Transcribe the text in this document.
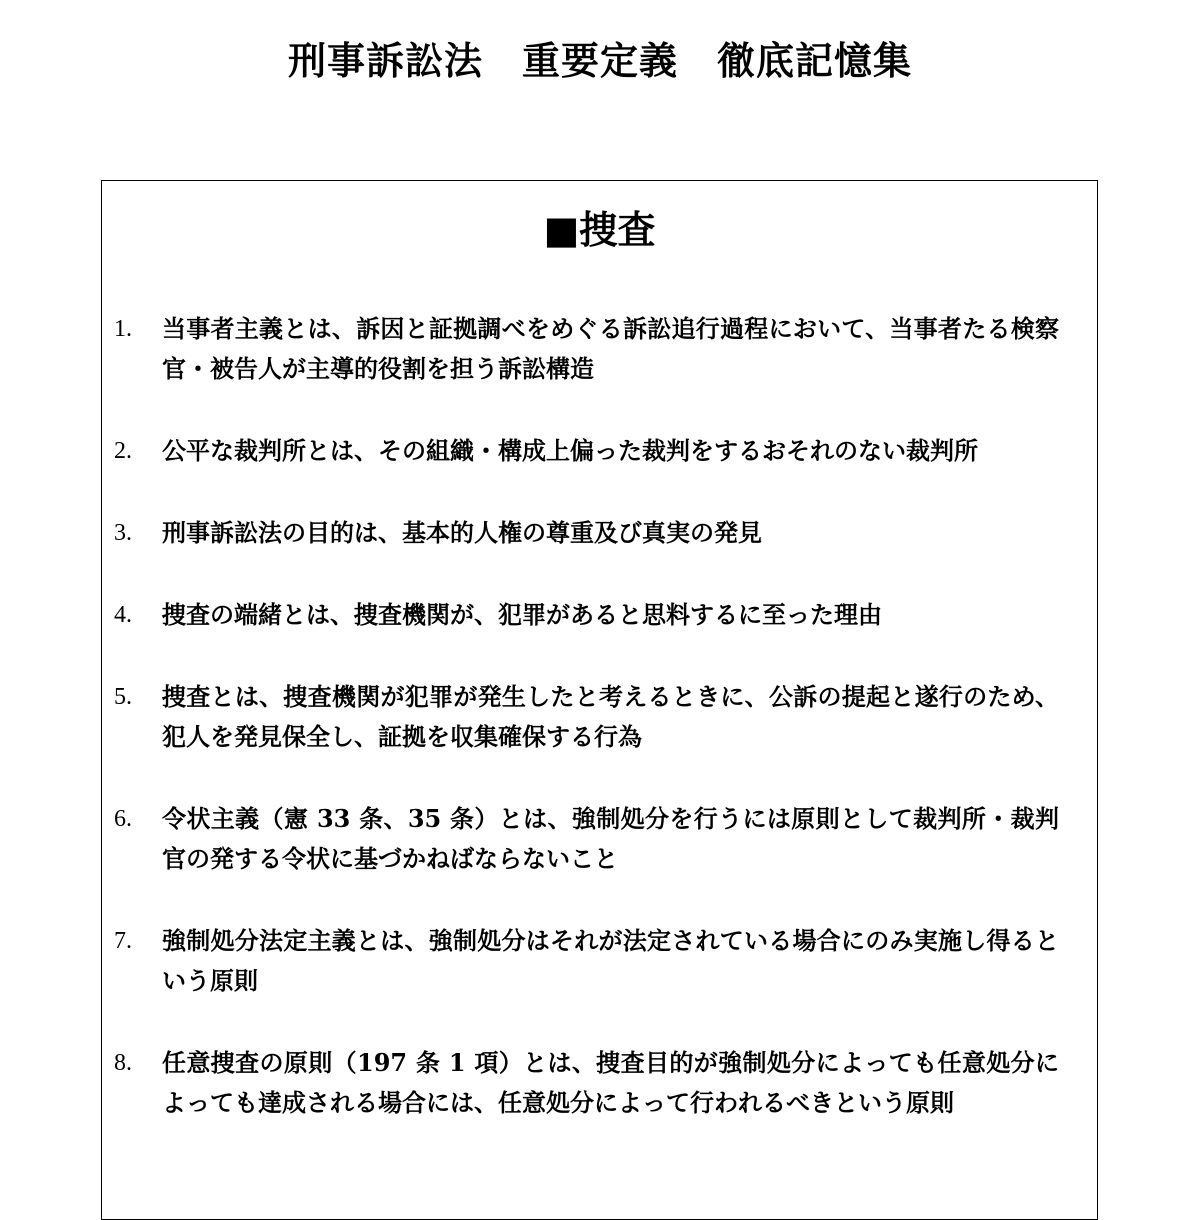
刑事訴訟法　重要定義　徹底記憶集
■捜査
1.	当事者主義とは、訴因と証拠調べをめぐる訴訟追行過程において、当事者たる検察官・被告人が主導的役割を担う訴訟構造
2.	公平な裁判所とは、その組織・構成上偏った裁判をするおそれのない裁判所
3.	刑事訴訟法の目的は、基本的人権の尊重及び真実の発見
4.	捜査の端緒とは、捜査機関が、犯罪があると思料するに至った理由
5.	捜査とは、捜査機関が犯罪が発生したと考えるときに、公訴の提起と遂行のため、犯人を発見保全し、証拠を収集確保する行為
6.	令状主義（憲 33 条、35 条）とは、強制処分を行うには原則として裁判所・裁判官の発する令状に基づかねばならないこと
7.	強制処分法定主義とは、強制処分はそれが法定されている場合にのみ実施し得るという原則
8.	任意捜査の原則（197 条 1 項）とは、捜査目的が強制処分によっても任意処分によっても達成される場合には、任意処分によって行われるべきという原則
